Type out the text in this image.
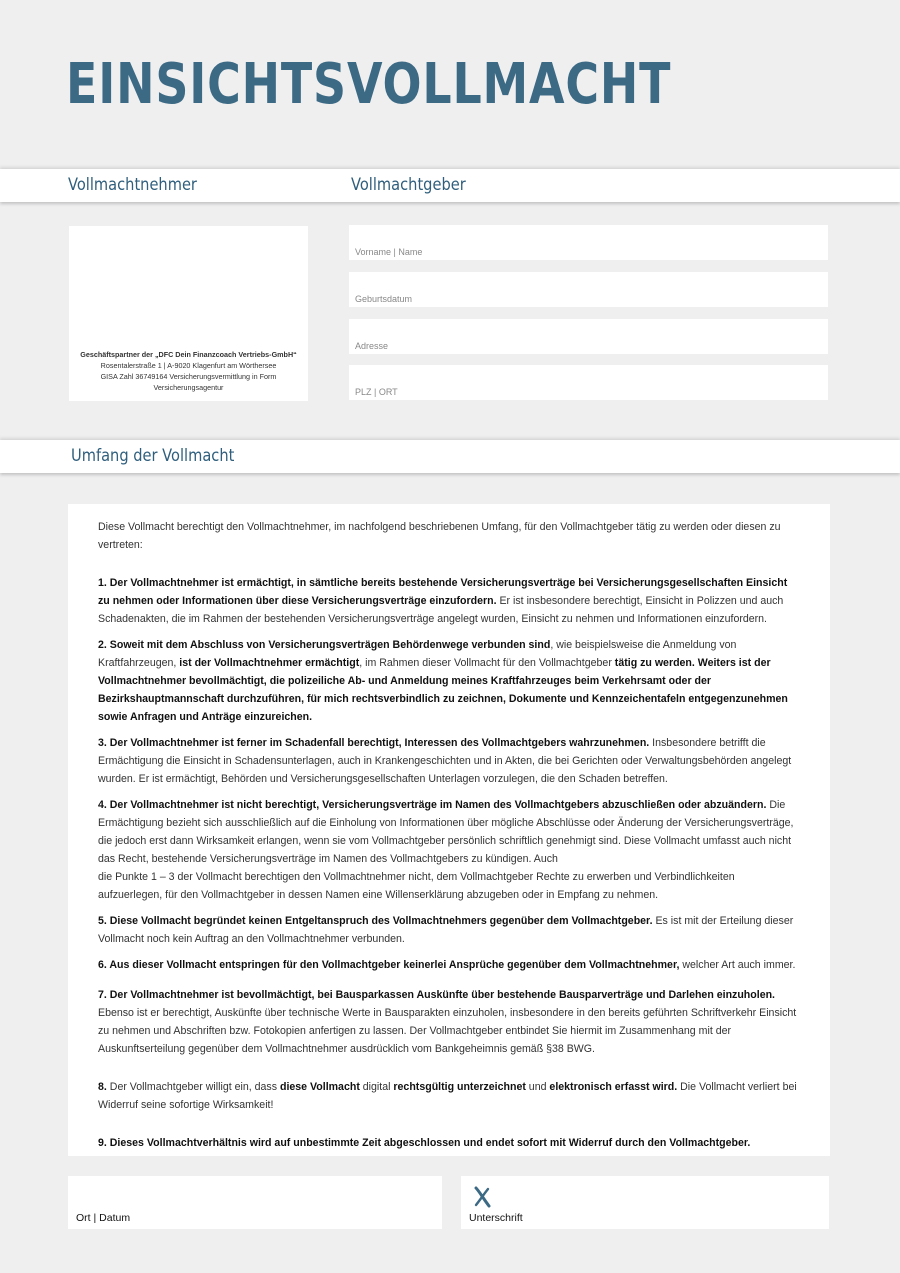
EINSICHTSVOLLMACHT
Vollmachtnehmer	Vollmachtgeber
Geschäftspartner der „DFC Dein Finanzcoach Vertriebs-GmbH“
Rosentalerstraße 1 | A-9020 Klagenfurt am Wörthersee
GISA Zahl 36749164 Versicherungsvermittlung in Form Versicherungsagentur
Vorname | Name
Geburtsdatum
Adresse
PLZ | ORT
Umfang der Vollmacht

Diese Vollmacht berechtigt den Vollmachtnehmer, im nachfolgend beschriebenen Umfang, für den Vollmachtgeber tätig zu werden oder diesen zu vertreten:

1. Der Vollmachtnehmer ist ermächtigt, in sämtliche bereits bestehende Versicherungsverträge bei Versicherungsgesellschaften Einsicht zu nehmen oder Informationen über diese Versicherungsverträge einzufordern. Er ist insbesondere berechtigt, Einsicht in Polizzen und auch Schadenakten, die im Rahmen der bestehenden Versicherungsverträge angelegt wurden, Einsicht zu nehmen und Informationen einzufordern.

2. Soweit mit dem Abschluss von Versicherungsverträgen Behördenwege verbunden sind, wie beispielsweise die Anmeldung von Kraftfahrzeugen, ist der Vollmachtnehmer ermächtigt, im Rahmen dieser Vollmacht für den Vollmachtgeber tätig zu werden. Weiters ist der Vollmachtnehmer bevollmächtigt, die polizeiliche Ab- und Anmeldung meines Kraftfahrzeuges beim Verkehrsamt oder der Bezirkshauptmannschaft durchzuführen, für mich rechtsverbindlich zu zeichnen, Dokumente und Kennzeichentafeln entgegenzunehmen sowie Anfragen und Anträge einzureichen.

3. Der Vollmachtnehmer ist ferner im Schadenfall berechtigt, Interessen des Vollmachtgebers wahrzunehmen. Insbesondere betrifft die Ermächtigung die Einsicht in Schadensunterlagen, auch in Krankengeschichten und in Akten, die bei Gerichten oder Verwaltungsbehörden angelegt wurden. Er ist ermächtigt, Behörden und Versicherungsgesellschaften Unterlagen vorzulegen, die den Schaden betreffen.

4. Der Vollmachtnehmer ist nicht berechtigt, Versicherungsverträge im Namen des Vollmachtgebers abzuschließen oder abzuändern. Die Ermächtigung bezieht sich ausschließlich auf die Einholung von Informationen über mögliche Abschlüsse oder Änderung der Versicherungsverträge, die jedoch erst dann Wirksamkeit erlangen, wenn sie vom Vollmachtgeber persönlich schriftlich genehmigt sind. Diese Vollmacht umfasst auch nicht das Recht, bestehende Versicherungsverträge im Namen des Vollmachtgebers zu kündigen. Auch
die Punkte 1 – 3 der Vollmacht berechtigen den Vollmachtnehmer nicht, dem Vollmachtgeber Rechte zu erwerben und Verbindlichkeiten aufzuerlegen, für den Vollmachtgeber in dessen Namen eine Willenserklärung abzugeben oder in Empfang zu nehmen.

5. Diese Vollmacht begründet keinen Entgeltanspruch des Vollmachtnehmers gegenüber dem Vollmachtgeber. Es ist mit der Erteilung dieser Vollmacht noch kein Auftrag an den Vollmachtnehmer verbunden.

6. Aus dieser Vollmacht entspringen für den Vollmachtgeber keinerlei Ansprüche gegenüber dem Vollmachtnehmer, welcher Art auch immer.

7. Der Vollmachtnehmer ist bevollmächtigt, bei Bausparkassen Auskünfte über bestehende Bausparverträge und Darlehen einzuholen. Ebenso ist er berechtigt, Auskünfte über technische Werte in Bausparakten einzuholen, insbesondere in den bereits geführten Schriftverkehr Einsicht zu nehmen und Abschriften bzw. Fotokopien anfertigen zu lassen. Der Vollmachtgeber entbindet Sie hiermit im Zusammenhang mit der Auskunftserteilung gegenüber dem Vollmachtnehmer ausdrücklich vom Bankgeheimnis gemäß §38 BWG.

8. Der Vollmachtgeber willigt ein, dass diese Vollmacht digital rechtsgültig unterzeichnet und elektronisch erfasst wird. Die Vollmacht verliert bei Widerruf seine sofortige Wirksamkeit!

9. Dieses Vollmachtverhältnis wird auf unbestimmte Zeit abgeschlossen und endet sofort mit Widerruf durch den Vollmachtgeber.

Ort | Datum	Unterschrift
